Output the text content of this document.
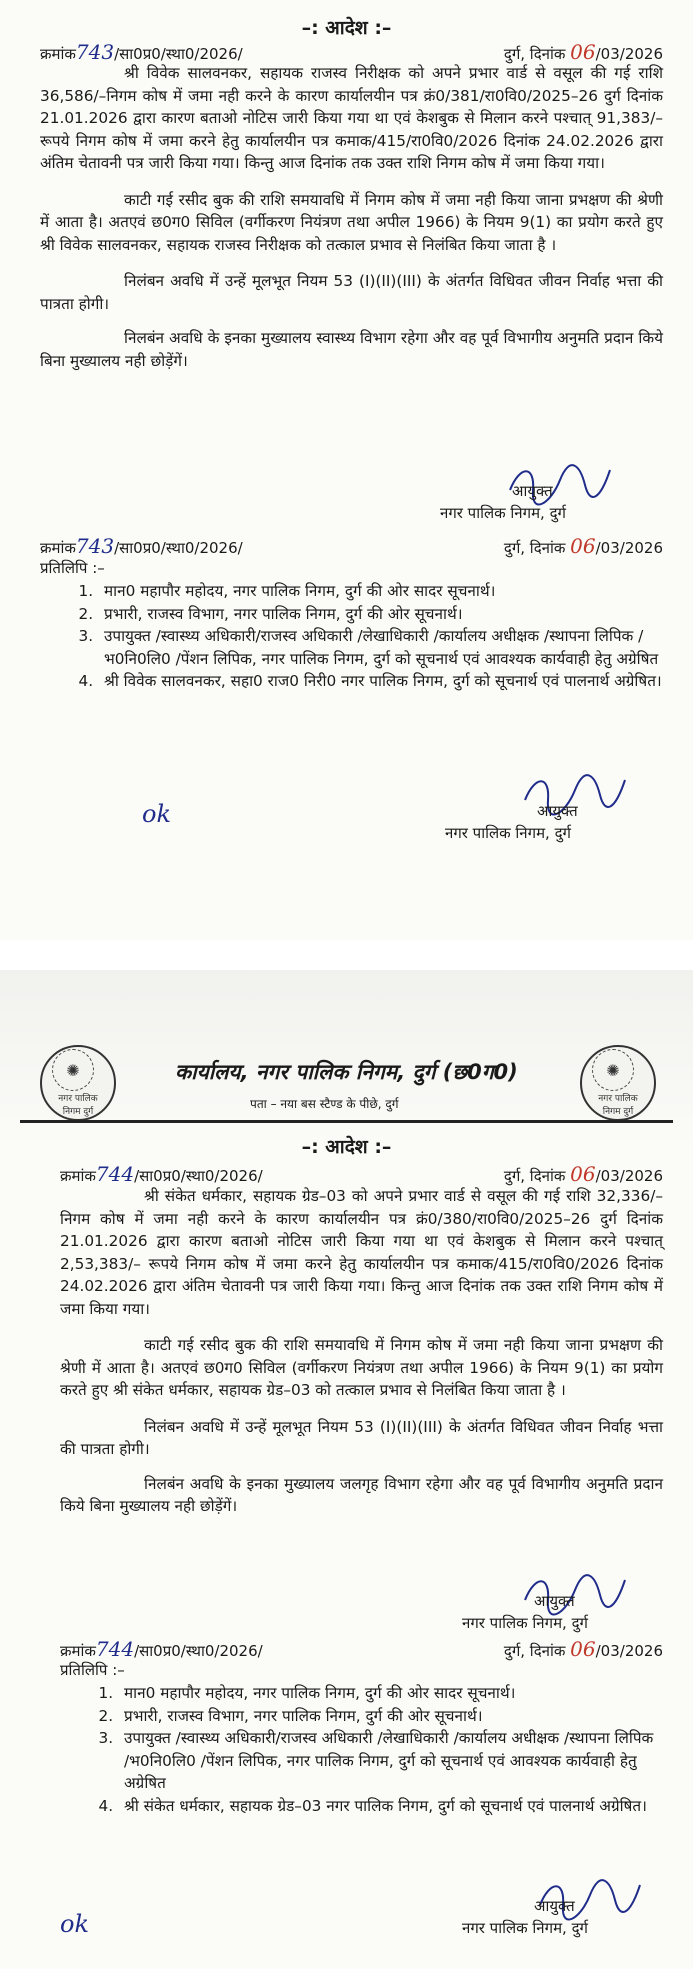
–: आदेश :–
क्रमांक743/सा0प्र0/स्था0/2026/	दुर्ग, दिनांक 06/03/2026

श्री विवेक सालवनकर, सहायक राजस्व निरीक्षक को अपने प्रभार वार्ड से वसूल की गई राशि 36,586/–निगम कोष में जमा नही करने के कारण कार्यालयीन पत्र क्रं0/381/रा0वि0/2025–26 दुर्ग दिनांक 21.01.2026 द्वारा कारण बताओ नोटिस जारी किया गया था एवं केशबुक से मिलान करने पश्चात् 91,383/– रूपये निगम कोष में जमा करने हेतु कार्यालयीन पत्र कमाक/415/रा0वि0/2026 दिनांक 24.02.2026 द्वारा अंतिम चेतावनी पत्र जारी किया गया। किन्तु आज दिनांक तक उक्त राशि निगम कोष में जमा किया गया।

काटी गई रसीद बुक की राशि समयावधि में निगम कोष में जमा नही किया जाना प्रभक्षण की श्रेणी में आता है। अतएवं छ0ग0 सिविल (वर्गीकरण नियंत्रण तथा अपील 1966) के नियम 9(1) का प्रयोग करते हुए श्री विवेक सालवनकर, सहायक राजस्व निरीक्षक को तत्काल प्रभाव से निलंबित किया जाता है ।

निलंबन अवधि में उन्हें मूलभूत नियम 53 (I)(II)(III) के अंतर्गत विधिवत जीवन निर्वाह भत्ता की पात्रता होगी।

निलबंन अवधि के इनका मुख्यालय स्वास्थ्य विभाग रहेगा और वह पूर्व विभागीय अनुमति प्रदान किये बिना मुख्यालय नही छोड़ेंगें।

आयुक्त
नगर पालिक निगम, दुर्ग
क्रमांक743/सा0प्र0/स्था0/2026/	दुर्ग, दिनांक 06/03/2026
प्रतिलिपि :–
1. मान0 महापौर महोदय, नगर पालिक निगम, दुर्ग की ओर सादर सूचनार्थ।
2. प्रभारी, राजस्व विभाग, नगर पालिक निगम, दुर्ग की ओर सूचनार्थ।
3. उपायुक्त /स्वास्थ्य अधिकारी/राजस्व अधिकारी /लेखाधिकारी /कार्यालय अधीक्षक /स्थापना लिपिक /भ0नि0लि0 /पेंशन लिपिक, नगर पालिक निगम, दुर्ग को सूचनार्थ एवं आवश्यक कार्यवाही हेतु अग्रेषित
4. श्री विवेक सालवनकर, सहा0 राज0 निरी0 नगर पालिक निगम, दुर्ग को सूचनार्थ एवं पालनार्थ अग्रेषित।
आयुक्त
नगर पालिक निगम, दुर्ग
ok
✺
नगर पालिक निगम दुर्ग
✺
नगर पालिक निगम दुर्ग
कार्यालय, नगर पालिक निगम, दुर्ग (छ0ग0)
पता – नया बस स्टैण्ड के पीछे, दुर्ग
–: आदेश :–
क्रमांक744/सा0प्र0/स्था0/2026/	दुर्ग, दिनांक 06/03/2026

श्री संकेत धर्मकार, सहायक ग्रेड–03 को अपने प्रभार वार्ड से वसूल की गई राशि 32,336/– निगम कोष में जमा नही करने के कारण कार्यालयीन पत्र क्रं0/380/रा0वि0/2025–26 दुर्ग दिनांक 21.01.2026 द्वारा कारण बताओ नोटिस जारी किया गया था एवं केशबुक से मिलान करने पश्चात् 2,53,383/– रूपये निगम कोष में जमा करने हेतु कार्यालयीन पत्र कमाक/415/रा0वि0/2026 दिनांक 24.02.2026 द्वारा अंतिम चेतावनी पत्र जारी किया गया। किन्तु आज दिनांक तक उक्त राशि निगम कोष में जमा किया गया।

काटी गई रसीद बुक की राशि समयावधि में निगम कोष में जमा नही किया जाना प्रभक्षण की श्रेणी में आता है। अतएवं छ0ग0 सिविल (वर्गीकरण नियंत्रण तथा अपील 1966) के नियम 9(1) का प्रयोग करते हुए श्री संकेत धर्मकार, सहायक ग्रेड–03 को तत्काल प्रभाव से निलंबित किया जाता है ।

निलंबन अवधि में उन्हें मूलभूत नियम 53 (I)(II)(III) के अंतर्गत विधिवत जीवन निर्वाह भत्ता की पात्रता होगी।

निलबंन अवधि के इनका मुख्यालय जलगृह विभाग रहेगा और वह पूर्व विभागीय अनुमति प्रदान किये बिना मुख्यालय नही छोड़ेंगें।

आयुक्त
नगर पालिक निगम, दुर्ग
क्रमांक744/सा0प्र0/स्था0/2026/	दुर्ग, दिनांक 06/03/2026
प्रतिलिपि :–
1. मान0 महापौर महोदय, नगर पालिक निगम, दुर्ग की ओर सादर सूचनार्थ।
2. प्रभारी, राजस्व विभाग, नगर पालिक निगम, दुर्ग की ओर सूचनार्थ।
3. उपायुक्त /स्वास्थ्य अधिकारी/राजस्व अधिकारी /लेखाधिकारी /कार्यालय अधीक्षक /स्थापना लिपिक /भ0नि0लि0 /पेंशन लिपिक, नगर पालिक निगम, दुर्ग को सूचनार्थ एवं आवश्यक कार्यवाही हेतु अग्रेषित
4. श्री संकेत धर्मकार, सहायक ग्रेड–03 नगर पालिक निगम, दुर्ग को सूचनार्थ एवं पालनार्थ अग्रेषित।
आयुक्त
नगर पालिक निगम, दुर्ग
ok
